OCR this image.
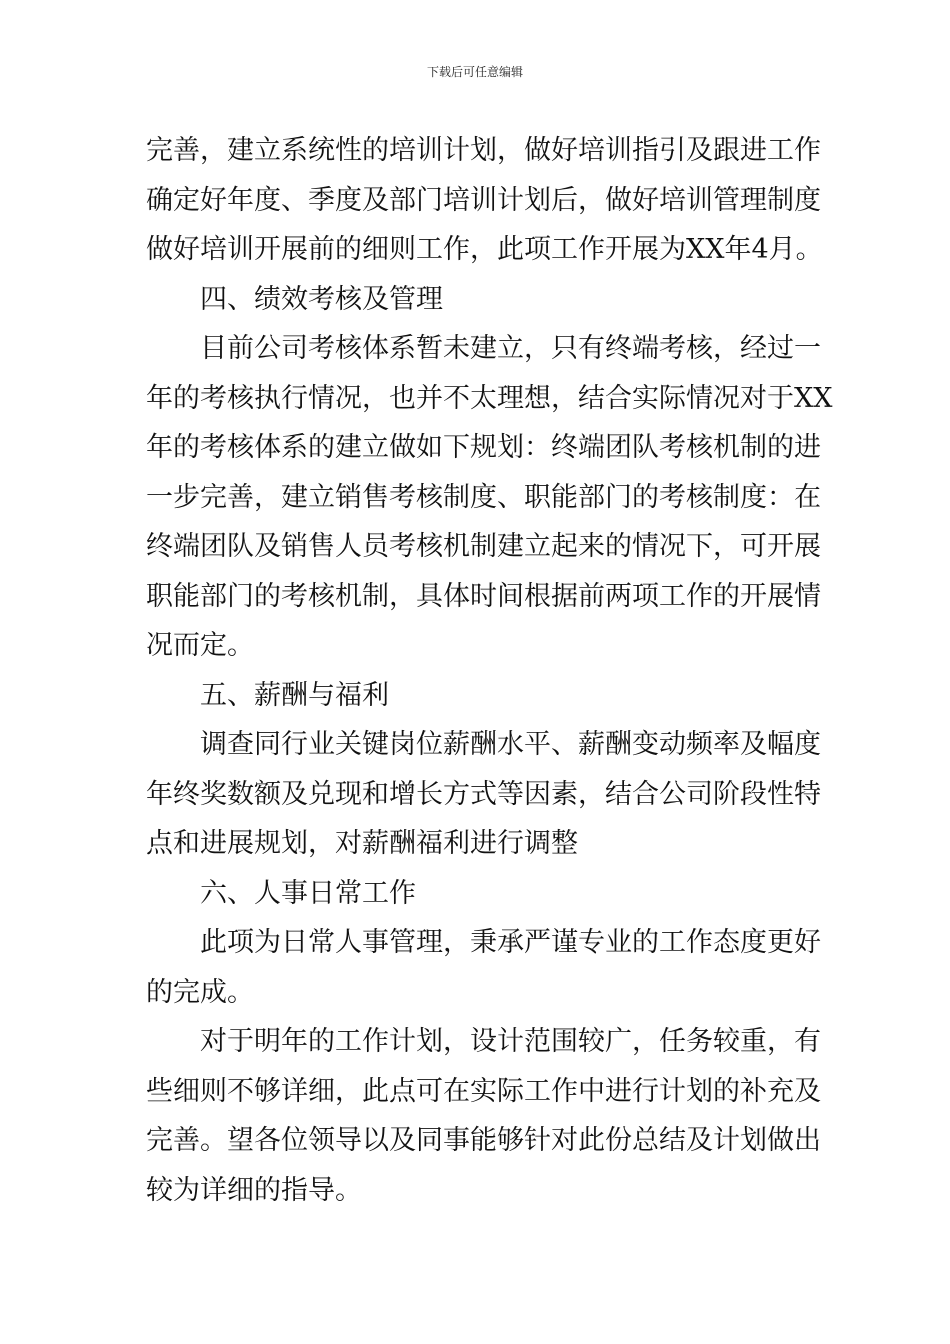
下载后可任意编辑
完善，建立系统性的培训计划，做好培训指引及跟进工作
确定好年度、季度及部门培训计划后，做好培训管理制度
做好培训开展前的细则工作，此项工作开展为XX年4月。
四、绩效考核及管理
目前公司考核体系暂未建立，只有终端考核，经过一
年的考核执行情况，也并不太理想，结合实际情况对于XX
年的考核体系的建立做如下规划：终端团队考核机制的进
一步完善，建立销售考核制度、职能部门的考核制度：在
终端团队及销售人员考核机制建立起来的情况下，可开展
职能部门的考核机制，具体时间根据前两项工作的开展情
况而定。
五、薪酬与福利
调查同行业关键岗位薪酬水平、薪酬变动频率及幅度
年终奖数额及兑现和增长方式等因素，结合公司阶段性特
点和进展规划，对薪酬福利进行调整
六、人事日常工作
此项为日常人事管理，秉承严谨专业的工作态度更好
的完成。
对于明年的工作计划，设计范围较广，任务较重，有
些细则不够详细，此点可在实际工作中进行计划的补充及
完善。望各位领导以及同事能够针对此份总结及计划做出
较为详细的指导。
